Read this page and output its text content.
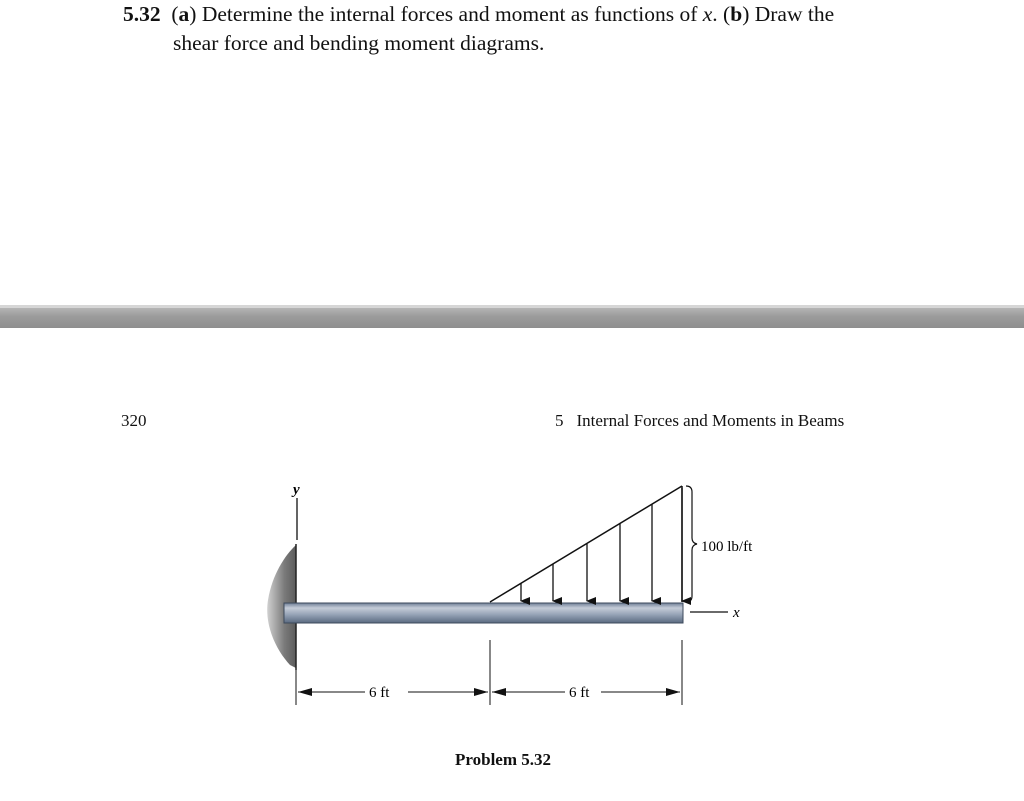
5.32 (a) Determine the internal forces and moment as functions of x. (b) Draw the
shear force and bending moment diagrams.
320	5 Internal Forces and Moments in Beams
y
x
100 lb/ft
6 ft	6 ft
Problem 5.32
